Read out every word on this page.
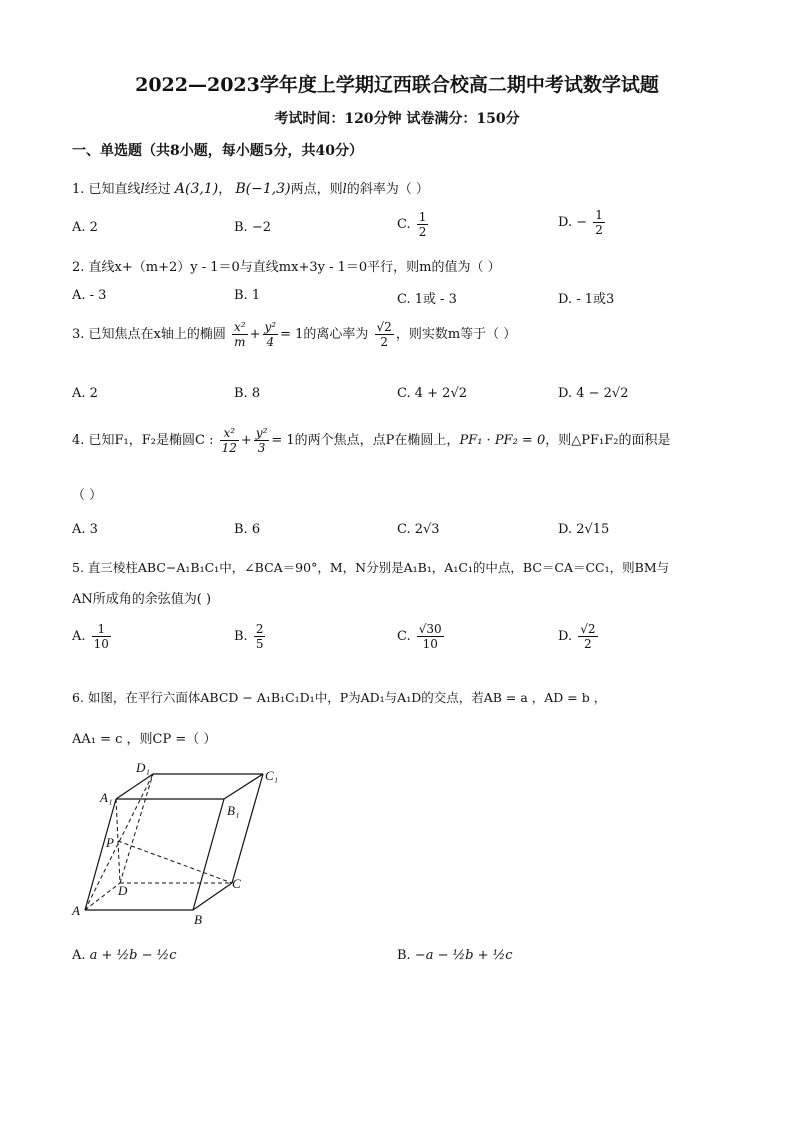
2022—2023学年度上学期辽西联合校高二期中考试数学试题
考试时间：120分钟 试卷满分：150分
一、单选题（共8小题，每小题5分，共40分）
1. 已知直线l经过 A(3,1)， B(−1,3)两点，则l的斜率为（ ）
A. 2	B. −2	C. $\frac{1}{2}$	D. − $\frac{1}{2}$
2. 直线x+（m+2）y - 1＝0与直线mx+3y - 1＝0平行，则m的值为（ ）
A. - 3	B. 1	C. 1或 - 3	D. - 1或3
3. 已知焦点在x轴上的椭圆 $\frac{\text{x²}}{m} + \frac{\text{y²}}{4} = 1$的离心率为 $\frac{√2}{2}$ ，则实数m等于（ ）
A. 2	B. 8	C. 4 + 2√2	D. 4 − 2√2
4. 已知F₁，F₂是椭圆C : $\frac{\text{x²}}{12} + \frac{\text{y²}}{3} = 1$的两个焦点，点P在椭圆上，PF₁ · PF₂ = 0，则△PF₁F₂的面积是
（ ）
A. 3	B. 6	C. 2√3	D. 2√15
5. 直三棱柱ABC−A₁B₁C₁中，∠BCA＝90°，M，N分别是A₁B₁，A₁C₁的中点，BC＝CA＝CC₁，则BM与
AN所成角的余弦值为( )
A. $\frac{1}{10}$	B. $\frac{2}{5}$	C. $\frac{√30}{10}$	D. $\frac{√2}{2}$
6. 如图，在平行六面体ABCD − A₁B₁C₁D₁中，P为AD₁与A₁D的交点，若AB = a ，AD = b ，
AA₁ = c ，则CP =（ ）
A
B
C
D
A₁
B₁
C₁
D₁
P
A. a + ½b − ½c	B. −a − ½b + ½c
